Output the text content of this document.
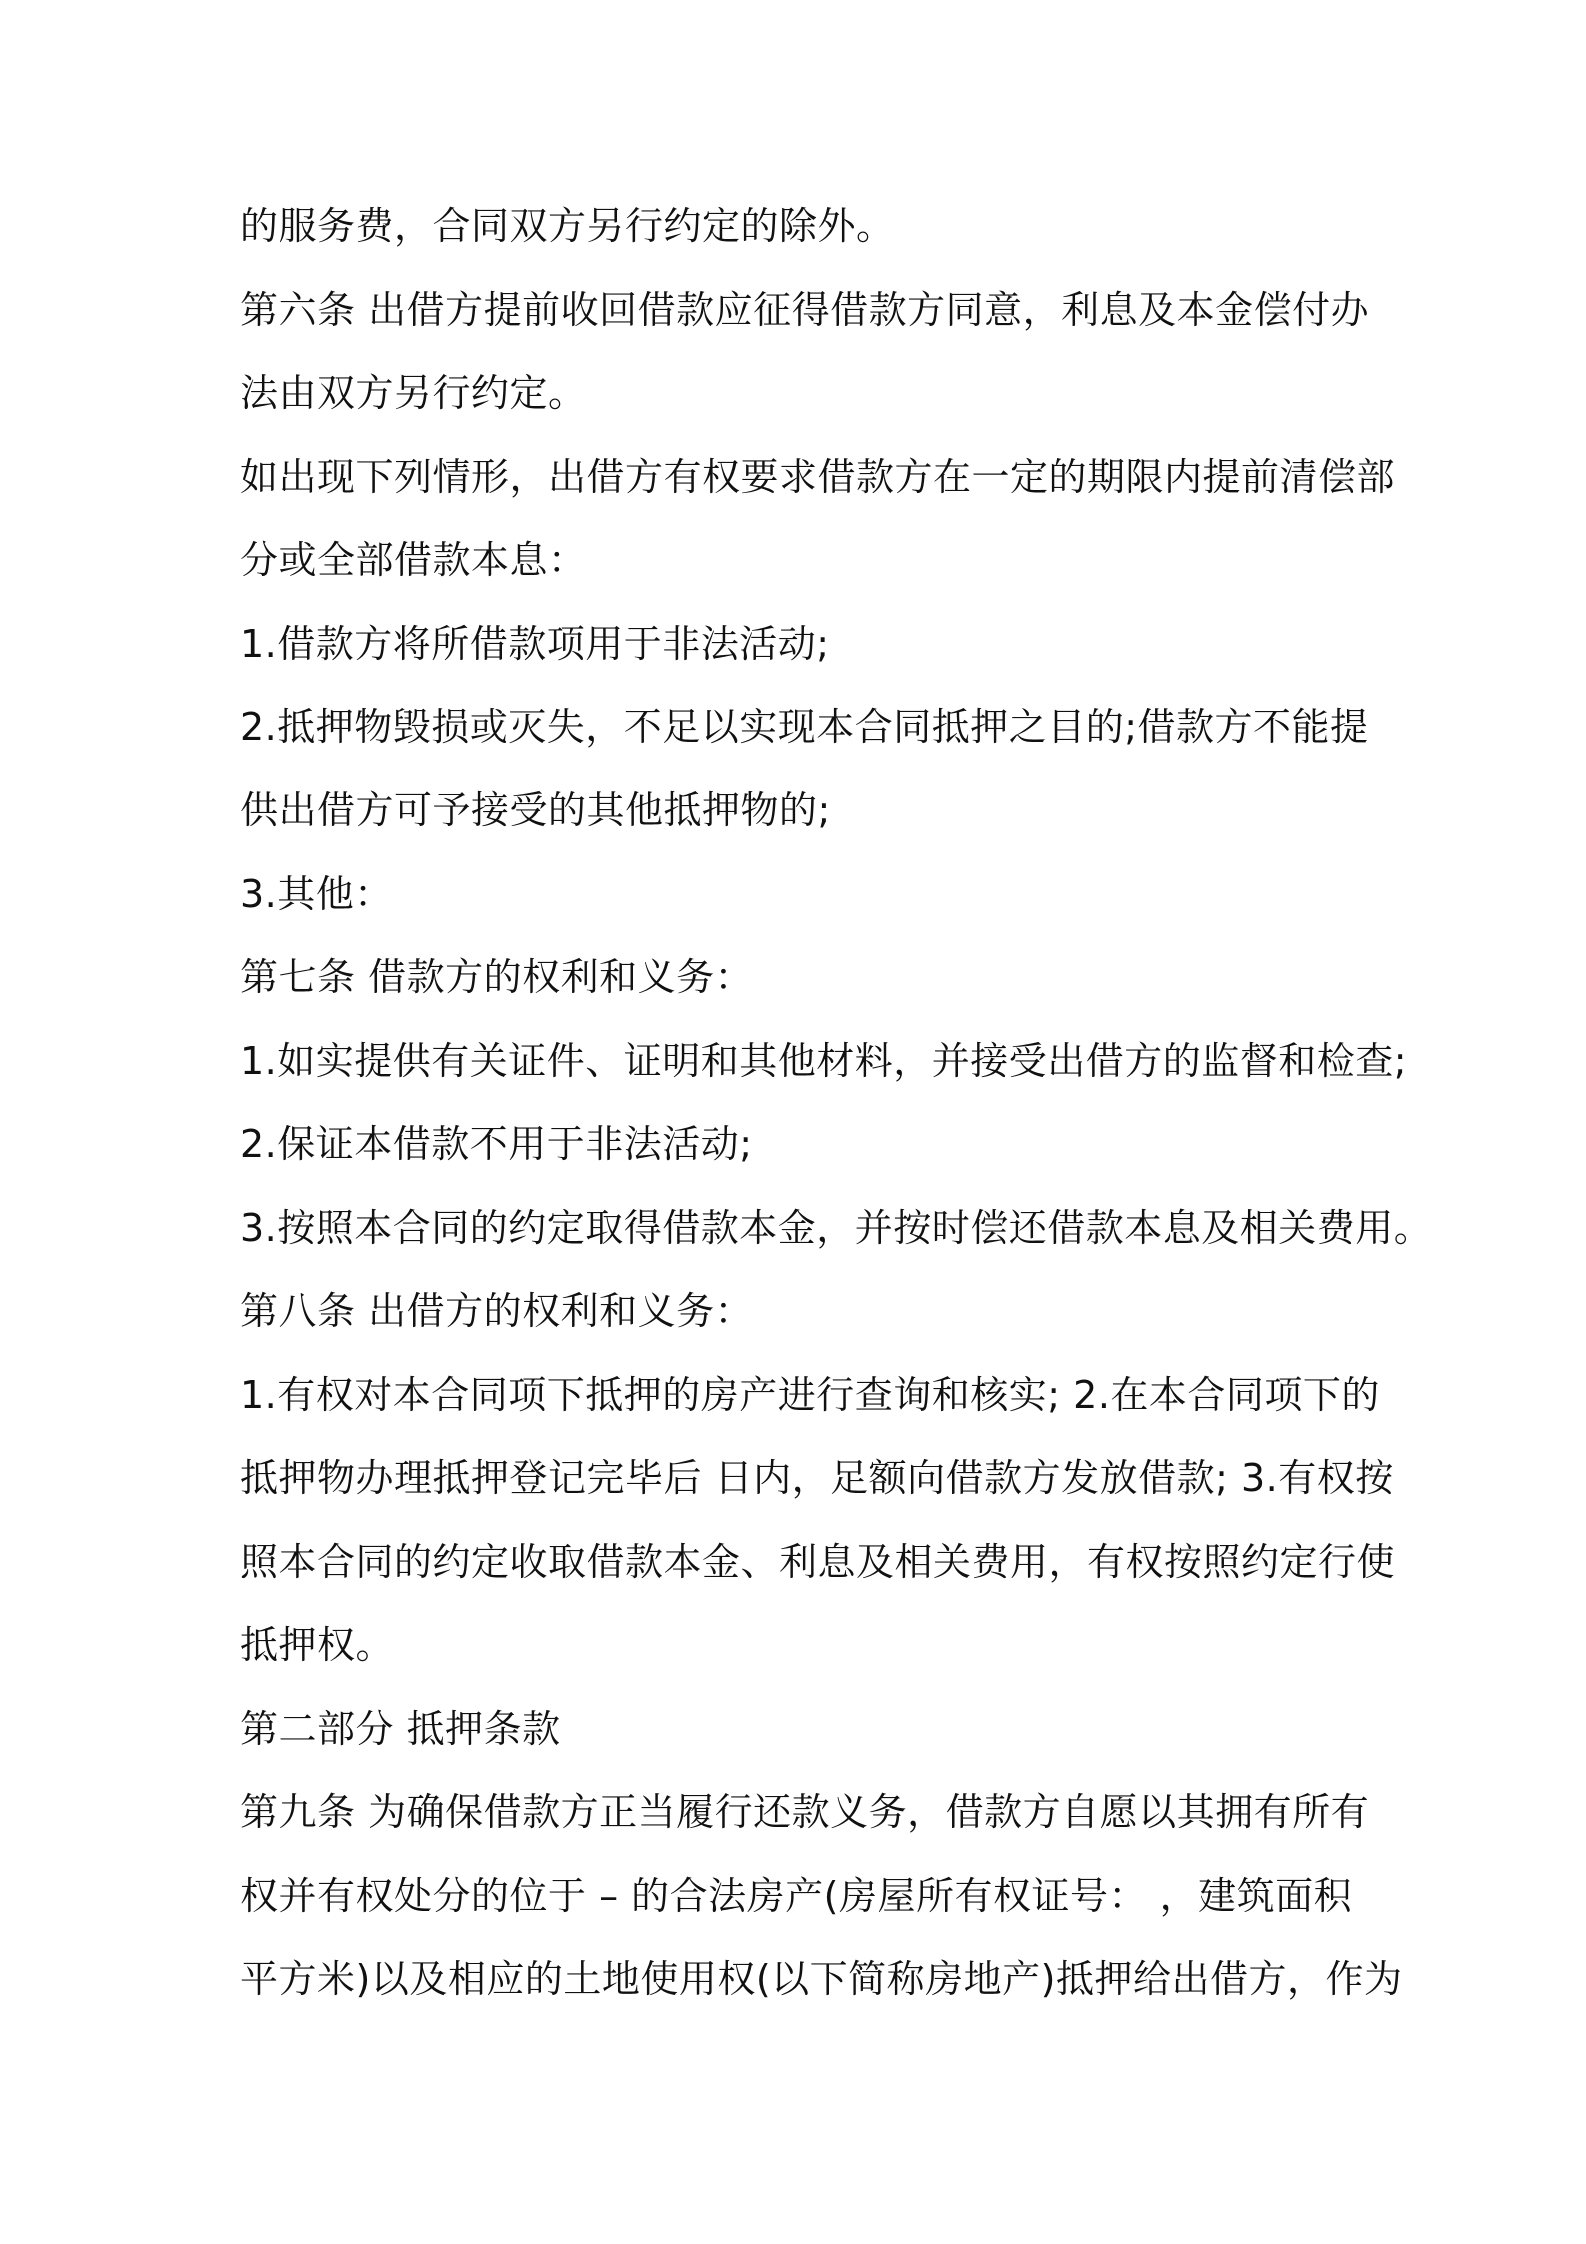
的服务费，合同双方另行约定的除外。
第六条 出借方提前收回借款应征得借款方同意，利息及本金偿付办
法由双方另行约定。
如出现下列情形，出借方有权要求借款方在一定的期限内提前清偿部
分或全部借款本息：
1.借款方将所借款项用于非法活动;
2.抵押物毁损或灭失，不足以实现本合同抵押之目的;借款方不能提
供出借方可予接受的其他抵押物的;
3.其他：
第七条 借款方的权利和义务：
1.如实提供有关证件、证明和其他材料，并接受出借方的监督和检查;
2.保证本借款不用于非法活动;
3.按照本合同的约定取得借款本金，并按时偿还借款本息及相关费用。
第八条 出借方的权利和义务：
1.有权对本合同项下抵押的房产进行查询和核实; 2.在本合同项下的
抵押物办理抵押登记完毕后 日内，足额向借款方发放借款; 3.有权按
照本合同的约定收取借款本金、利息及相关费用，有权按照约定行使
抵押权。
第二部分 抵押条款
第九条 为确保借款方正当履行还款义务，借款方自愿以其拥有所有
权并有权处分的位于 – 的合法房产(房屋所有权证号： ，建筑面积
平方米)以及相应的土地使用权(以下简称房地产)抵押给出借方，作为
